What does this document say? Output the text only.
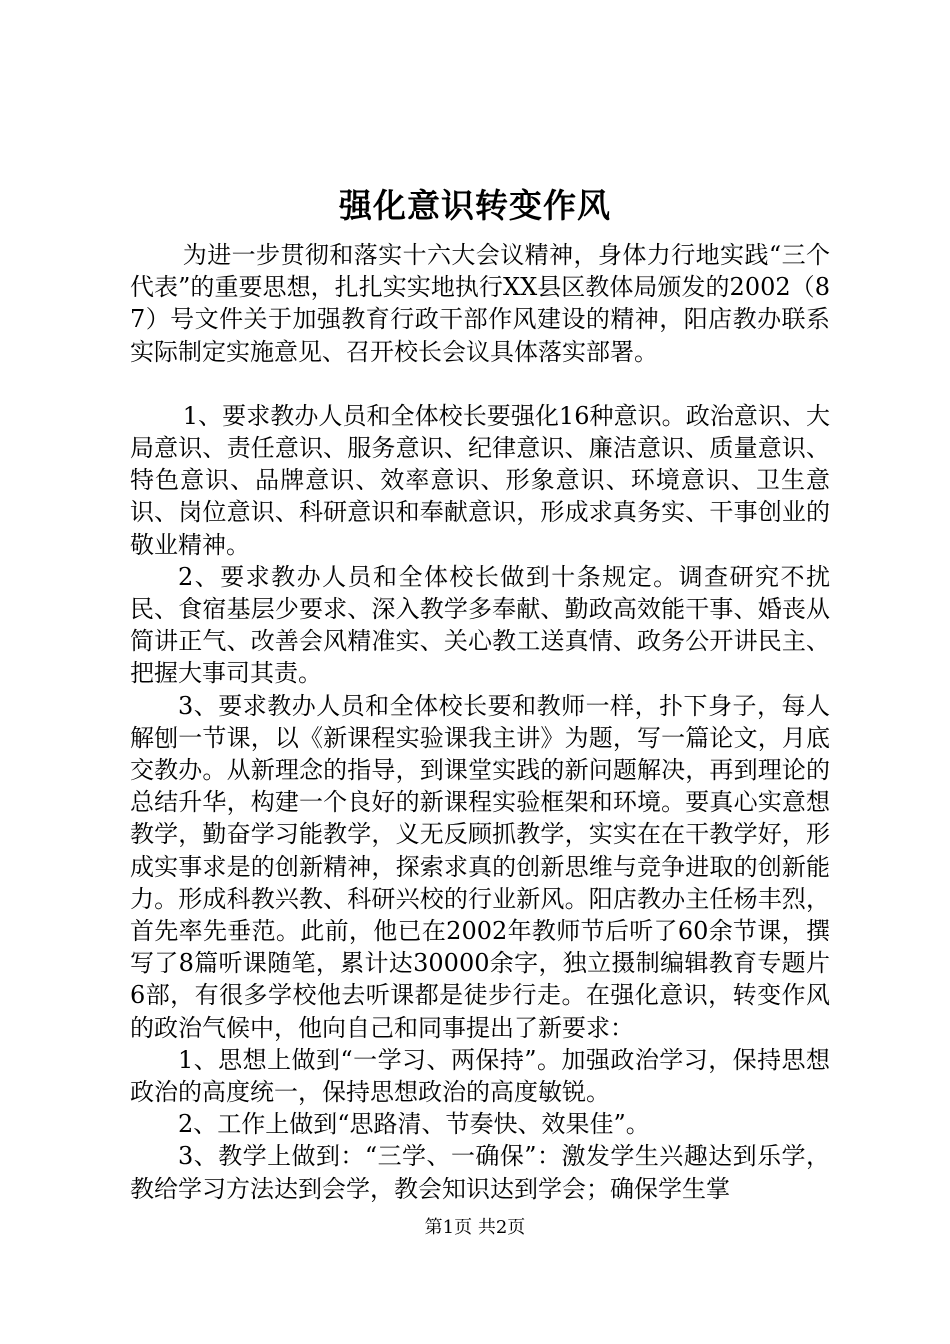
强化意识转变作风

为进一步贯彻和落实十六大会议精神，身体力行地实践“三个代表”的重要思想，扎扎实实地执行XX县区教体局颁发的2002（87）号文件关于加强教育行政干部作风建设的精神，阳店教办联系实际制定实施意见、召开校长会议具体落实部署。

1、要求教办人员和全体校长要强化16种意识。政治意识、大局意识、责任意识、服务意识、纪律意识、廉洁意识、质量意识、特色意识、品牌意识、效率意识、形象意识、环境意识、卫生意识、岗位意识、科研意识和奉献意识，形成求真务实、干事创业的敬业精神。

2、要求教办人员和全体校长做到十条规定。调查研究不扰民、食宿基层少要求、深入教学多奉献、勤政高效能干事、婚丧从简讲正气、改善会风精准实、关心教工送真情、政务公开讲民主、把握大事司其责。

3、要求教办人员和全体校长要和教师一样，扑下身子，每人解刨一节课，以《新课程实验课我主讲》为题，写一篇论文，月底交教办。从新理念的指导，到课堂实践的新问题解决，再到理论的总结升华，构建一个良好的新课程实验框架和环境。要真心实意想教学，勤奋学习能教学，义无反顾抓教学，实实在在干教学好，形成实事求是的创新精神，探索求真的创新思维与竞争进取的创新能力。形成科教兴教、科研兴校的行业新风。阳店教办主任杨丰烈，首先率先垂范。此前，他已在2002年教师节后听了60余节课，撰写了8篇听课随笔，累计达30000余字，独立摄制编辑教育专题片6部，有很多学校他去听课都是徒步行走。在强化意识，转变作风的政治气候中，他向自己和同事提出了新要求：

1、思想上做到“一学习、两保持”。加强政治学习，保持思想政治的高度统一，保持思想政治的高度敏锐。

2、工作上做到“思路清、节奏快、效果佳”。

3、教学上做到：“三学、一确保”：激发学生兴趣达到乐学，教给学习方法达到会学，教会知识达到学会；确保学生掌

第1页 共2页
